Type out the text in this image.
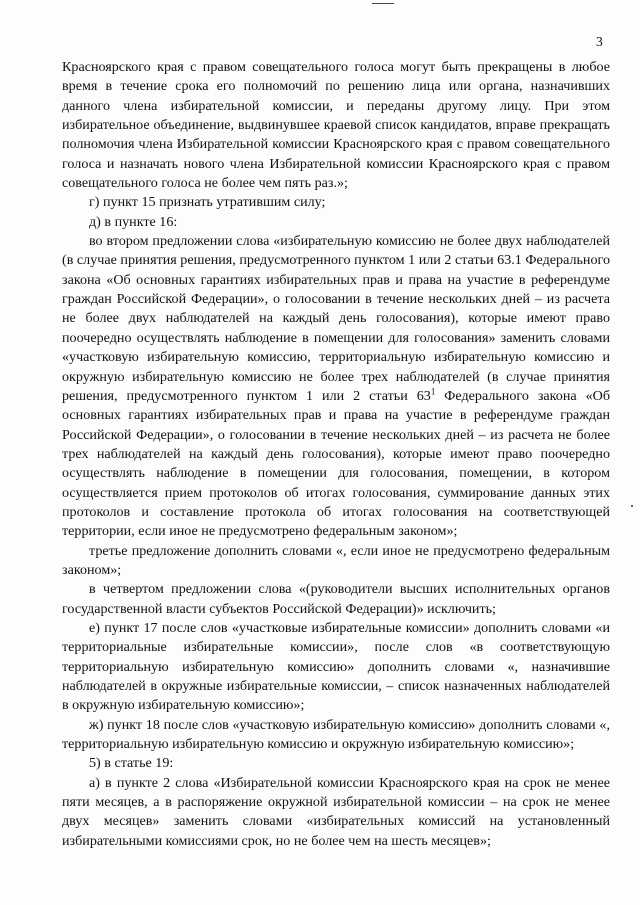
3

Красноярского края с правом совещательного голоса могут быть прекращены в любое время в течение срока его полномочий по решению лица или органа, назначивших данного члена избирательной комиссии, и переданы другому лицу. При этом избирательное объединение, выдвинувшее краевой список кандидатов, вправе прекращать полномочия члена Избирательной комиссии Красноярского края с правом совещательного голоса и назначать нового члена Избирательной комиссии Красноярского края с правом совещательного голоса не более чем пять раз.»;

г) пункт 15 признать утратившим силу;

д) в пункте 16:

во втором предложении слова «избирательную комиссию не более двух наблюдателей (в случае принятия решения, предусмотренного пунктом 1 или 2 статьи 63.1 Федерального закона «Об основных гарантиях избирательных прав и права на участие в референдуме граждан Российской Федерации», о голосовании в течение нескольких дней – из расчета не более двух наблюдателей на каждый день голосования), которые имеют право поочередно осуществлять наблюдение в помещении для голосования» заменить словами «участковую избирательную комиссию, территориальную избирательную комиссию и окружную избирательную комиссию не более трех наблюдателей (в случае принятия решения, предусмотренного пунктом 1 или 2 статьи $63^1$ Федерального закона «Об основных гарантиях избирательных прав и права на участие в референдуме граждан Российской Федерации», о голосовании в течение нескольких дней – из расчета не более трех наблюдателей на каждый день голосования), которые имеют право поочередно осуществлять наблюдение в помещении для голосования, помещении, в котором осуществляется прием протоколов об итогах голосования, суммирование данных этих протоколов и составление протокола об итогах голосования на соответствующей территории, если иное не предусмотрено федеральным законом»;

третье предложение дополнить словами «, если иное не предусмотрено федеральным законом»;

в четвертом предложении слова «(руководители высших исполнительных органов государственной власти субъектов Российской Федерации)» исключить;

е) пункт 17 после слов «участковые избирательные комиссии» дополнить словами «и территориальные избирательные комиссии», после слов «в соответствующую территориальную избирательную комиссию» дополнить словами «, назначившие наблюдателей в окружные избирательные комиссии, – список назначенных наблюдателей в окружную избирательную комиссию»;

ж) пункт 18 после слов «участковую избирательную комиссию» дополнить словами «, территориальную избирательную комиссию и окружную избирательную комиссию»;

5) в статье 19:

а) в пункте 2 слова «Избирательной комиссии Красноярского края на срок не менее пяти месяцев, а в распоряжение окружной избирательной комиссии – на срок не менее двух месяцев» заменить словами «избирательных комиссий на установленный избирательными комиссиями срок, но не более чем на шесть месяцев»;
